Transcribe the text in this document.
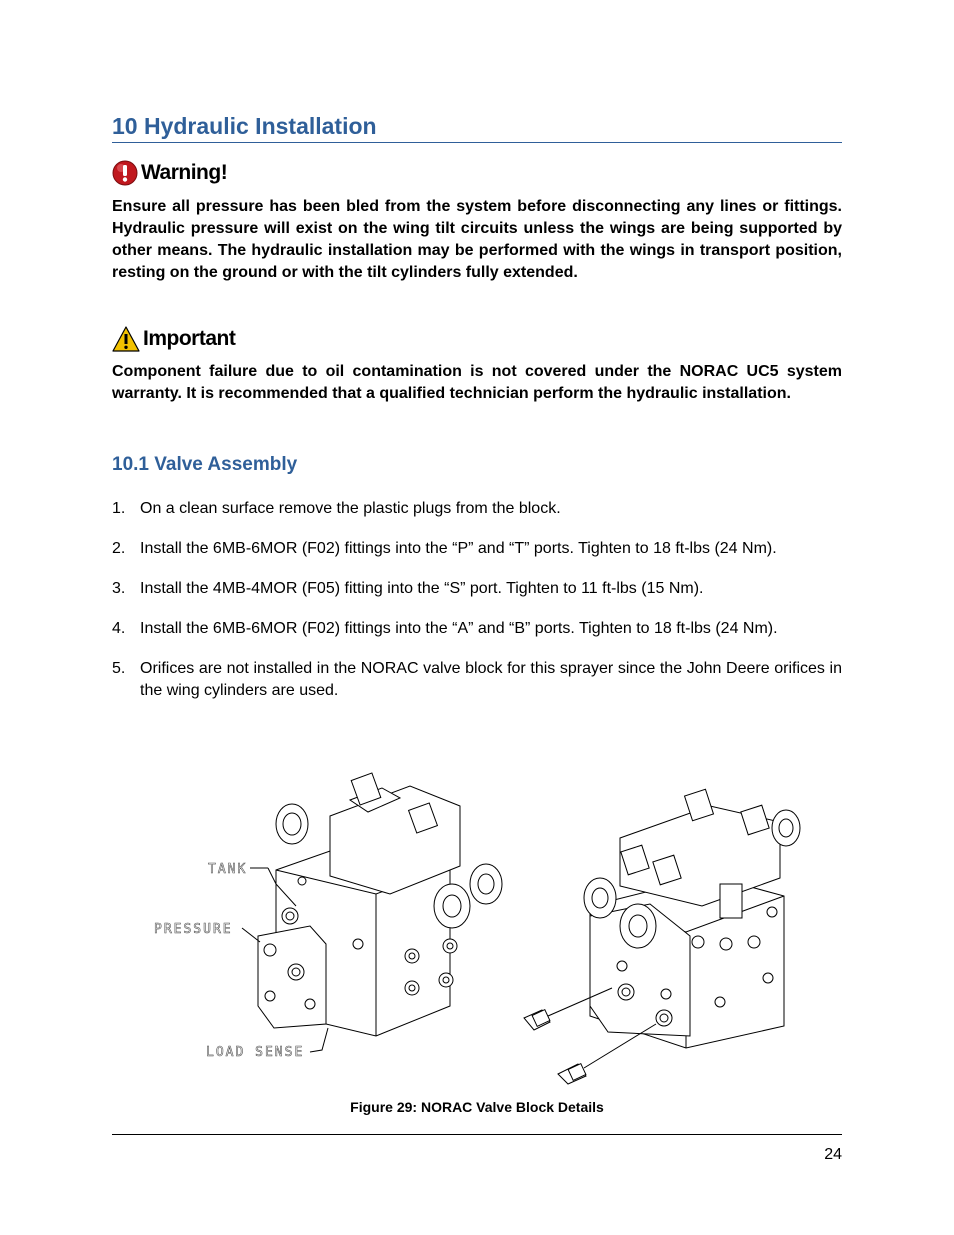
10 Hydraulic Installation
Warning!
Ensure all pressure has been bled from the system before disconnecting any lines or fittings. Hydraulic pressure will exist on the wing tilt circuits unless the wings are being supported by other means. The hydraulic installation may be performed with the wings in transport position, resting on the ground or with the tilt cylinders fully extended.
Important
Component failure due to oil contamination is not covered under the NORAC UC5 system warranty. It is recommended that a qualified technician perform the hydraulic installation.
10.1 Valve Assembly
1. On a clean surface remove the plastic plugs from the block.
2. Install the 6MB-6MOR (F02) fittings into the “P” and “T” ports. Tighten to 18 ft-lbs (24 Nm).
3. Install the 4MB-4MOR (F05) fitting into the “S” port. Tighten to 11 ft-lbs (15 Nm).
4. Install the 6MB-6MOR (F02) fittings into the “A” and “B” ports. Tighten to 18 ft-lbs (24 Nm).
5. Orifices are not installed in the NORAC valve block for this sprayer since the John Deere orifices in the wing cylinders are used.
TANK
PRESSURE
LOAD SENSE
Figure 29: NORAC Valve Block Details
24
